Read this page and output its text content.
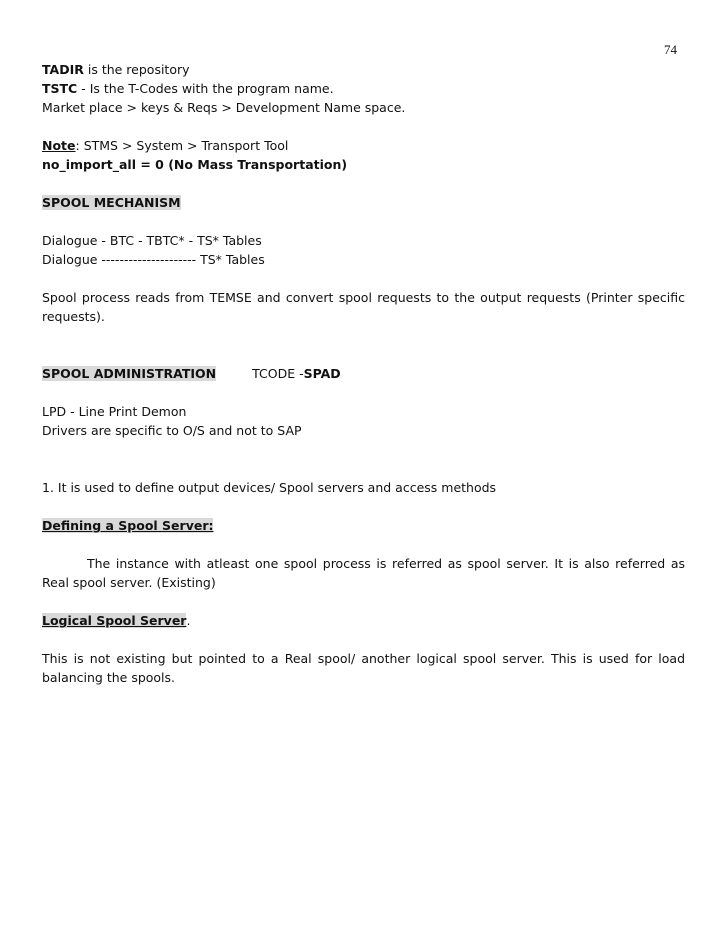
74

TADIR is the repository

TSTC - Is the T-Codes with the program name.

Market place > keys & Reqs > Development Name space.

Note: STMS > System > Transport Tool

no_import_all = 0 (No Mass Transportation)

SPOOL MECHANISM

Dialogue - BTC - TBTC* - TS* Tables

Dialogue --------------------- TS* Tables

Spool process reads from TEMSE and convert spool requests to the output requests (Printer specific requests).

SPOOL ADMINISTRATION	TCODE -SPAD

LPD - Line Print Demon

Drivers are specific to O/S and not to SAP

1. It is used to define output devices/ Spool servers and access methods

Defining a Spool Server:

The instance with atleast one spool process is referred as spool server. It is also referred as Real spool server. (Existing)

Logical Spool Server.

This is not existing but pointed to a Real spool/ another logical spool server. This is used for load balancing the spools.
